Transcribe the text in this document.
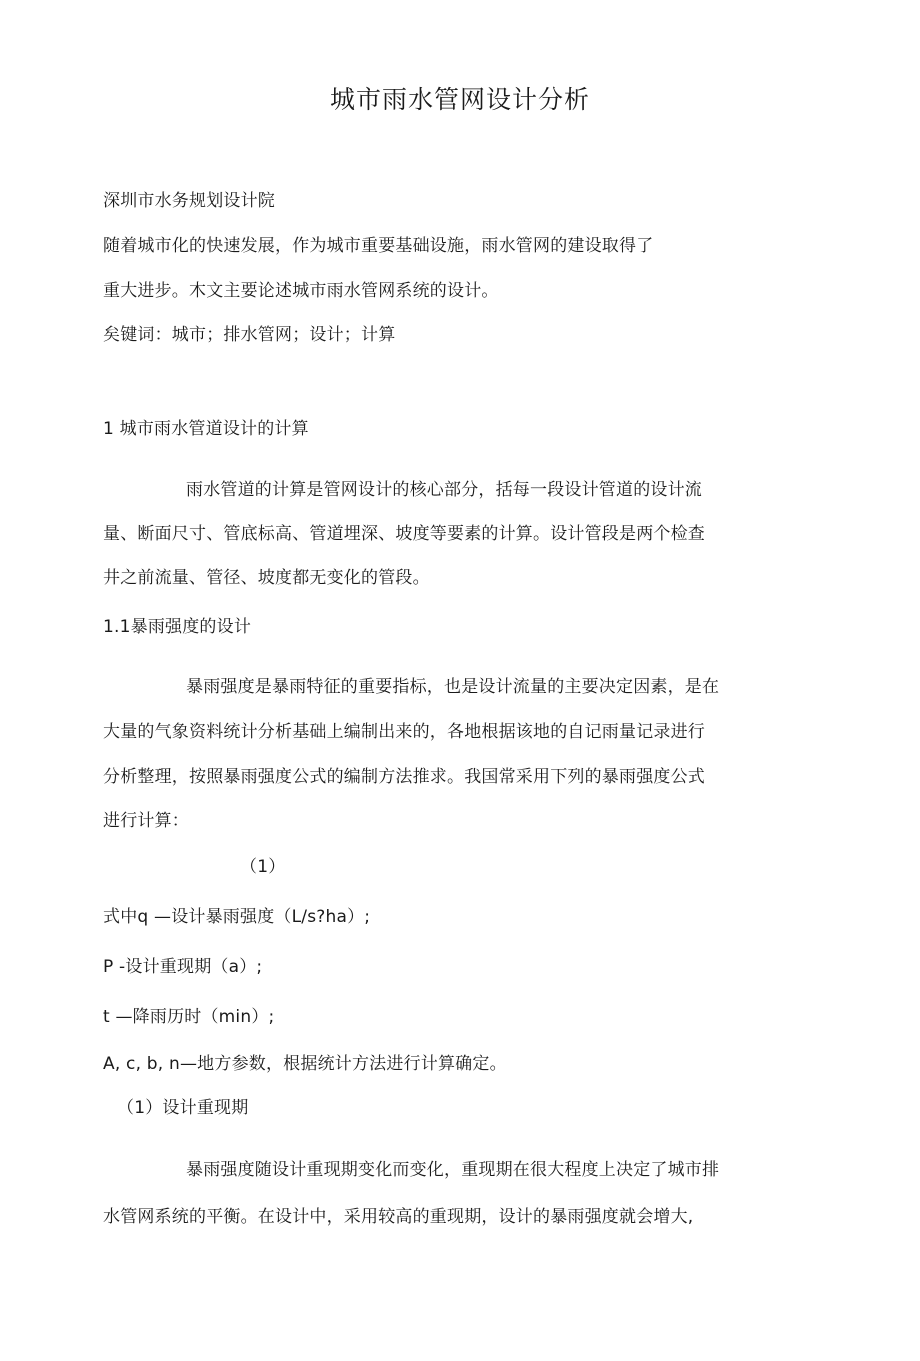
城市雨水管网设计分析
深圳市水务规划设计院
随着城市化的快速发展，作为城市重要基础设施，雨水管网的建设取得了
重大进步。木文主要论述城市雨水管网系统的设计。
矣键词：城市；排水管网；设计；计算
1 城市雨水管道设计的计算
雨水管道的计算是管网设计的核心部分，括每一段设计管道的设计流
量、断面尺寸、管底标高、管道埋深、坡度等要素的计算。设计管段是两个检查
井之前流量、管径、坡度都无变化的管段。
1.1暴雨强度的设计
暴雨强度是暴雨特征的重要指标，也是设计流量的主要决定因素，是在
大量的气象资料统计分析基础上编制出来的，各地根据该地的自记雨量记录进行
分析整理，按照暴雨强度公式的编制方法推求。我国常采用下列的暴雨强度公式
进行计算：
（1）
式中q —设计暴雨强度（L/s?ha）;
P -设计重现期（a）;
t —降雨历时（min）;
A, c, b, n—地方参数，根据统计方法进行计算确定。
（1）设计重现期
暴雨强度随设计重现期变化而变化，重现期在很大程度上决定了城市排
水管网系统的平衡。在设计中，采用较高的重现期，设计的暴雨强度就会增大,
